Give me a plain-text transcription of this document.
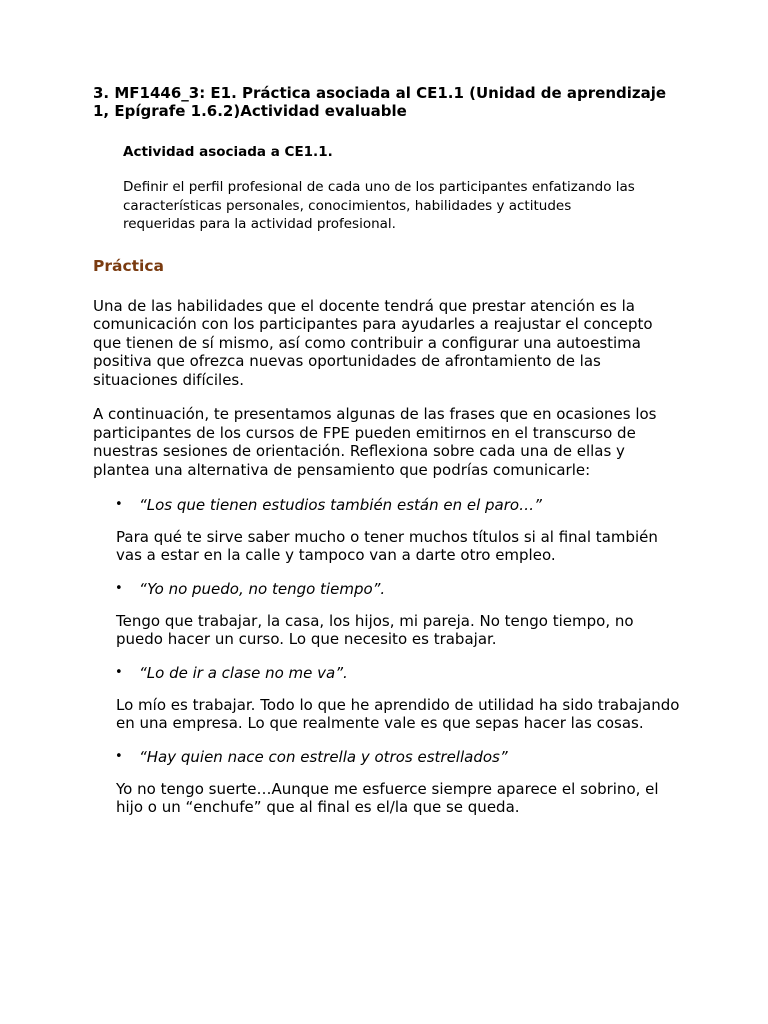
3. MF1446_3: E1. Práctica asociada al CE1.1 (Unidad de aprendizaje 1, Epígrafe 1.6.2)Actividad evaluable

Actividad asociada a CE1.1.

Definir el perfil profesional de cada uno de los participantes enfatizando las características personales, conocimientos, habilidades y actitudes requeridas para la actividad profesional.

Práctica

Una de las habilidades que el docente tendrá que prestar atención es la comunicación con los participantes para ayudarles a reajustar el concepto que tienen de sí mismo, así como contribuir a configurar una autoestima positiva que ofrezca nuevas oportunidades de afrontamiento de las situaciones difíciles.

A continuación, te presentamos algunas de las frases que en ocasiones los participantes de los cursos de FPE pueden emitirnos en el transcurso de nuestras sesiones de orientación. Reflexiona sobre cada una de ellas y plantea una alternativa de pensamiento que podrías comunicarle:

• “Los que tienen estudios también están en el paro…”

Para qué te sirve saber mucho o tener muchos títulos si al final también vas a estar en la calle y tampoco van a darte otro empleo.

• “Yo no puedo, no tengo tiempo”.

Tengo que trabajar, la casa, los hijos, mi pareja. No tengo tiempo, no puedo hacer un curso. Lo que necesito es trabajar.

• “Lo de ir a clase no me va”.

Lo mío es trabajar. Todo lo que he aprendido de utilidad ha sido trabajando en una empresa. Lo que realmente vale es que sepas hacer las cosas.

• “Hay quien nace con estrella y otros estrellados”

Yo no tengo suerte…Aunque me esfuerce siempre aparece el sobrino, el hijo o un “enchufe” que al final es el/la que se queda.
